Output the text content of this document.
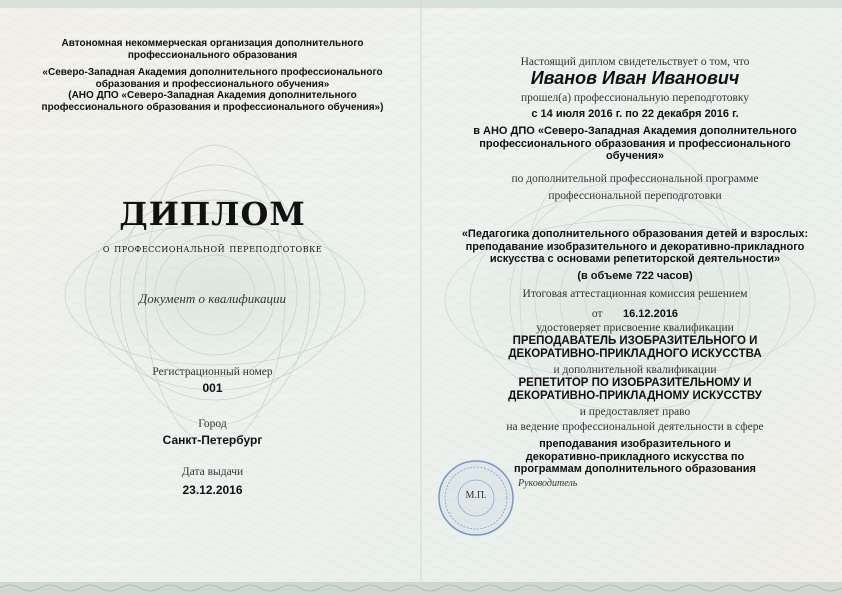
Автономная некоммерческая организация дополнительного
профессионального образования
«Северо-Западная Академия дополнительного профессионального
образования и профессионального обучения»
(АНО ДПО «Северо-Западная Академия дополнительного
профессионального образования и профессионального обучения»)
ДИПЛОМ
о профессиональной переподготовке
Документ о квалификации
Регистрационный номер
001
Город
Санкт-Петербург
Дата выдачи
23.12.2016
Настоящий диплом свидетельствует о том, что
Иванов Иван Иванович
прошел(а) профессиональную переподготовку
с 14 июля 2016 г. по 22 декабря 2016 г.
в АНО ДПО «Северо-Западная Академия дополнительного
профессионального образования и профессионального
обучения»
по дополнительной профессиональной программе
профессиональной переподготовки
«Педагогика дополнительного образования детей и взрослых:
преподавание изобразительного и декоративно-прикладного
искусства с основами репетиторской деятельности»
(в объеме 722 часов)
Итоговая аттестационная комиссия решением
от 16.12.2016
удостоверяет присвоение квалификации
ПРЕПОДАВАТЕЛЬ ИЗОБРАЗИТЕЛЬНОГО И
ДЕКОРАТИВНО-ПРИКЛАДНОГО ИСКУССТВА
и дополнительной квалификации
РЕПЕТИТОР ПО ИЗОБРАЗИТЕЛЬНОМУ И
ДЕКОРАТИВНО-ПРИКЛАДНОМУ ИСКУССТВУ
и предоставляет право
на ведение профессиональной деятельности в сфере
преподавания изобразительного и
декоративно-прикладного искусства по
программам дополнительного образования
М.П.
Руководитель
